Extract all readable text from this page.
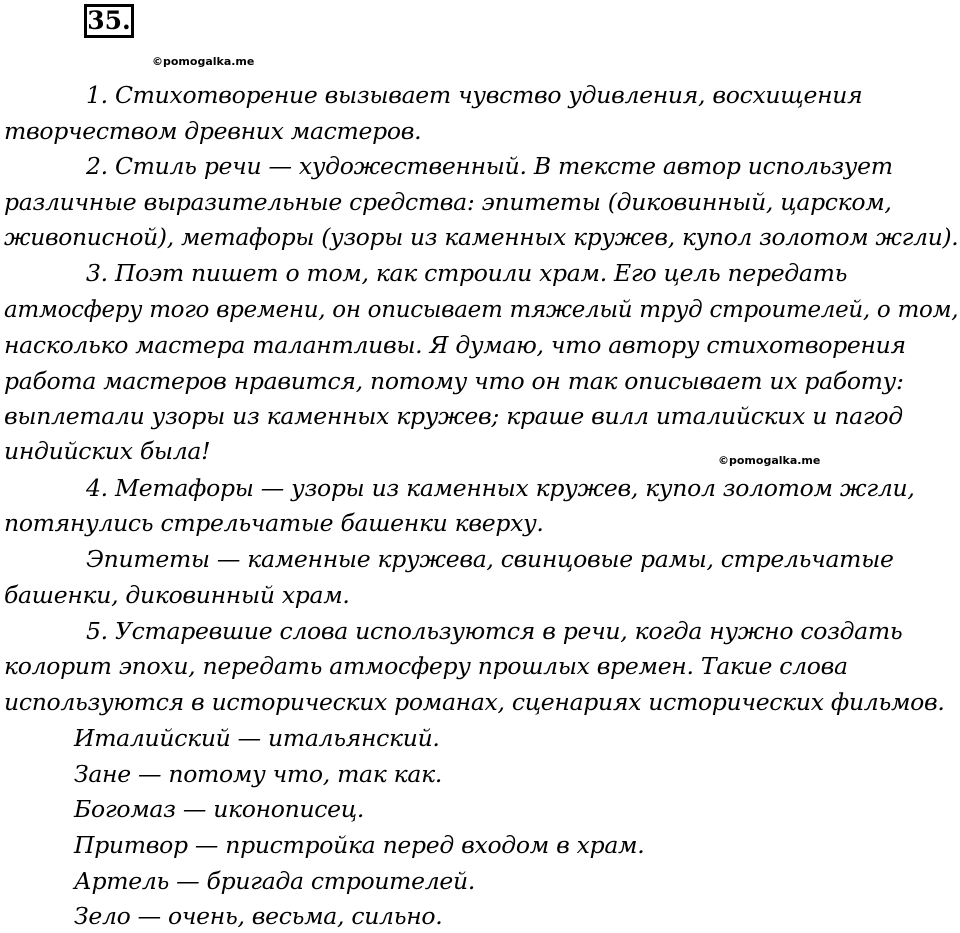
35.
©pomogalka.me
©pomogalka.me
1. Стихотворение вызывает чувство удивления, восхищения
творчеством древних мастеров.
2. Стиль речи — художественный. В тексте автор использует
различные выразительные средства: эпитеты (диковинный, царском,
живописной), метафоры (узоры из каменных кружев, купол золотом жгли).
3. Поэт пишет о том, как строили храм. Его цель передать
атмосферу того времени, он описывает тяжелый труд строителей, о том,
насколько мастера талантливы. Я думаю, что автору стихотворения
работа мастеров нравится, потому что он так описывает их работу:
выплетали узоры из каменных кружев; краше вилл италийских и пагод
индийских была!
4. Метафоры — узоры из каменных кружев, купол золотом жгли,
потянулись стрельчатые башенки кверху.
Эпитеты — каменные кружева, свинцовые рамы, стрельчатые
башенки, диковинный храм.
5. Устаревшие слова используются в речи, когда нужно создать
колорит эпохи, передать атмосферу прошлых времен. Такие слова
используются в исторических романах, сценариях исторических фильмов.
Италийский — итальянский.
Зане — потому что, так как.
Богомаз — иконописец.
Притвор — пристройка перед входом в храм.
Артель — бригада строителей.
Зело — очень, весьма, сильно.
